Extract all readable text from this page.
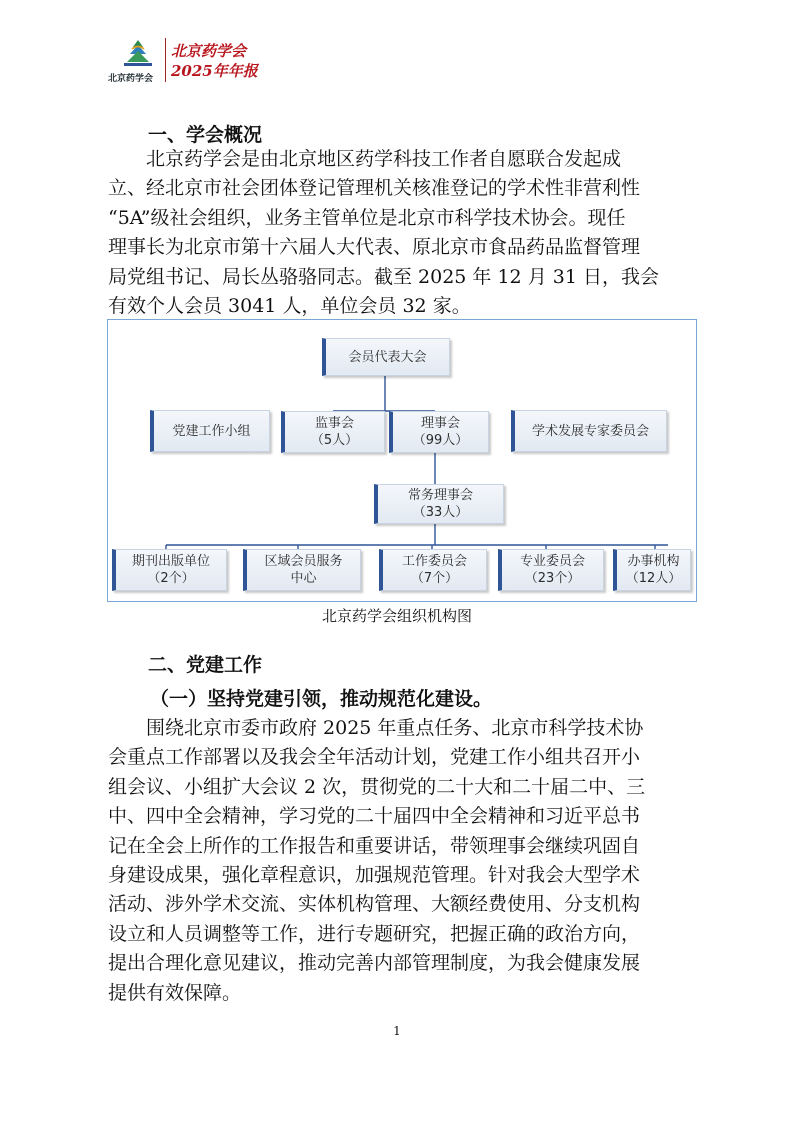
北京药学会
北京药学会
2025年年报
一、学会概况
北京药学会是由北京地区药学科技工作者自愿联合发起成
立、经北京市社会团体登记管理机关核准登记的学术性非营利性
“5A”级社会组织，业务主管单位是北京市科学技术协会。现任
理事长为北京市第十六届人大代表、原北京市食品药品监督管理
局党组书记、局长丛骆骆同志。截至 2025 年 12 月 31 日，我会
有效个人会员 3041 人，单位会员 32 家。
会员代表大会
党建工作小组	监事会
（5人）
理事会
（99人）
学术发展专家委员会
常务理事会
（33人）
期刊出版单位
（2个）
区域会员服务
中心
工作委员会
（7个）
专业委员会
（23个）
办事机构
（12人）
北京药学会组织机构图
二、党建工作
（一）坚持党建引领，推动规范化建设。
围绕北京市委市政府 2025 年重点任务、北京市科学技术协
会重点工作部署以及我会全年活动计划，党建工作小组共召开小
组会议、小组扩大会议 2 次，贯彻党的二十大和二十届二中、三
中、四中全会精神，学习党的二十届四中全会精神和习近平总书
记在全会上所作的工作报告和重要讲话，带领理事会继续巩固自
身建设成果，强化章程意识，加强规范管理。针对我会大型学术
活动、涉外学术交流、实体机构管理、大额经费使用、分支机构
设立和人员调整等工作，进行专题研究，把握正确的政治方向，
提出合理化意见建议，推动完善内部管理制度，为我会健康发展
提供有效保障。
1
